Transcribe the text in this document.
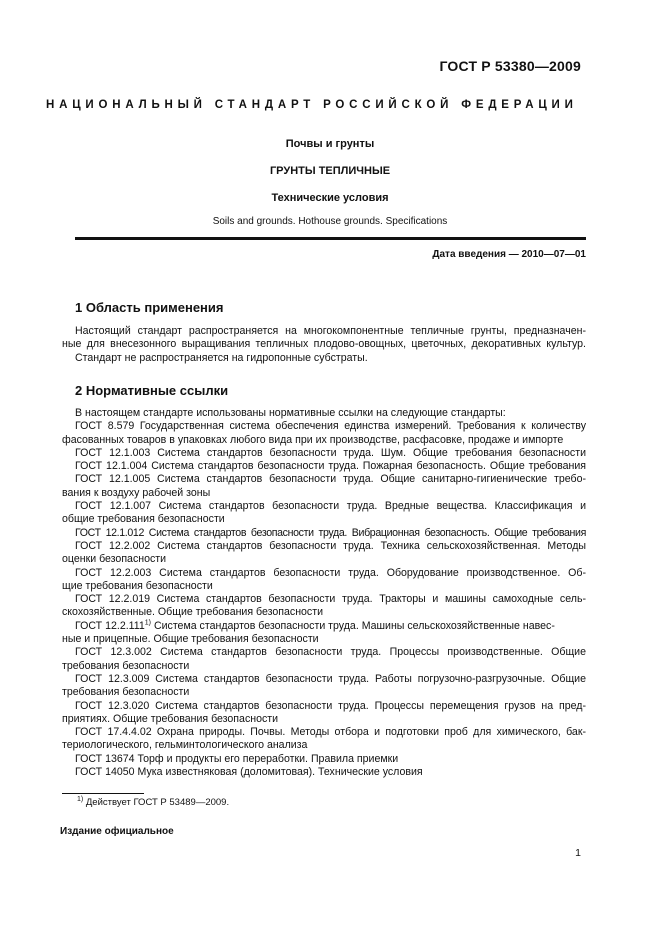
ГОСТ Р 53380—2009
НАЦИОНАЛЬНЫЙ СТАНДАРТ РОССИЙСКОЙ ФЕДЕРАЦИИ
Почвы и грунты
ГРУНТЫ ТЕПЛИЧНЫЕ
Технические условия
Soils and grounds. Hothouse grounds. Specifications
Дата введения — 2010—07—01
1 Область применения
Настоящий стандарт распространяется на многокомпонентные тепличные грунты, предназначен-
ные для внесезонного выращивания тепличных плодово-овощных, цветочных, декоративных культур.
Стандарт не распространяется на гидропонные субстраты.
2 Нормативные ссылки
В настоящем стандарте использованы нормативные ссылки на следующие стандарты:
ГОСТ 8.579 Государственная система обеспечения единства измерений. Требования к количеству
фасованных товаров в упаковках любого вида при их производстве, расфасовке, продаже и импорте
ГОСТ 12.1.003 Система стандартов безопасности труда. Шум. Общие требования безопасности
ГОСТ 12.1.004 Система стандартов безопасности труда. Пожарная безопасность. Общие требования
ГОСТ 12.1.005 Система стандартов безопасности труда. Общие санитарно-гигиенические требо-
вания к воздуху рабочей зоны
ГОСТ 12.1.007 Система стандартов безопасности труда. Вредные вещества. Классификация и
общие требования безопасности
ГОСТ 12.1.012 Система стандартов безопасности труда. Вибрационная безопасность. Общие требования
ГОСТ 12.2.002 Система стандартов безопасности труда. Техника сельскохозяйственная. Методы
оценки безопасности
ГОСТ 12.2.003 Система стандартов безопасности труда. Оборудование производственное. Об-
щие требования безопасности
ГОСТ 12.2.019 Система стандартов безопасности труда. Тракторы и машины самоходные сель-
скохозяйственные. Общие требования безопасности
ГОСТ 12.2.111$^{1)}$ Система стандартов безопасности труда. Машины сельскохозяйственные навес-
ные и прицепные. Общие требования безопасности
ГОСТ 12.3.002 Система стандартов безопасности труда. Процессы производственные. Общие
требования безопасности
ГОСТ 12.3.009 Система стандартов безопасности труда. Работы погрузочно-разгрузочные. Общие
требования безопасности
ГОСТ 12.3.020 Система стандартов безопасности труда. Процессы перемещения грузов на пред-
приятиях. Общие требования безопасности
ГОСТ 17.4.4.02 Охрана природы. Почвы. Методы отбора и подготовки проб для химического, бак-
териологического, гельминтологического анализа
ГОСТ 13674 Торф и продукты его переработки. Правила приемки
ГОСТ 14050 Мука известняковая (доломитовая). Технические условия
$^{1)}$ Действует ГОСТ Р 53489—2009.
Издание официальное
1
